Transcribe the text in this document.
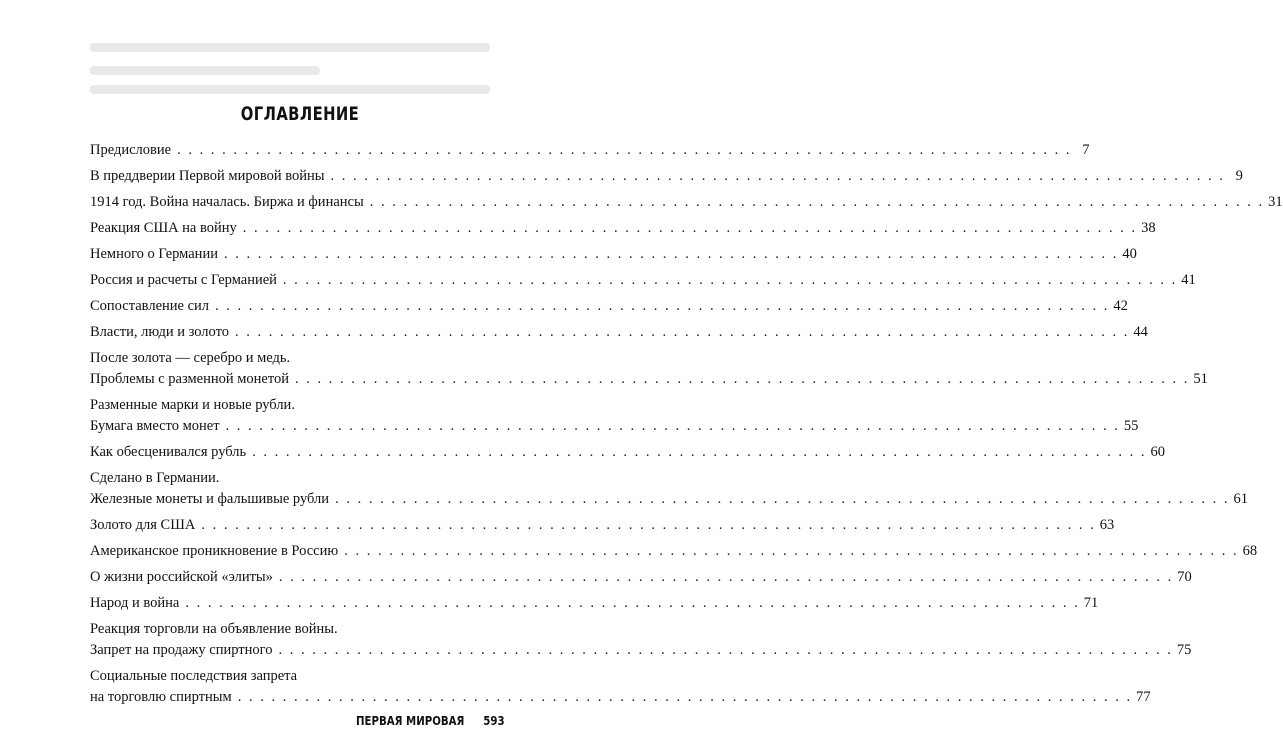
ОГЛАВЛЕНИЕ
Предисловие . . . . . . . . . . . . . . . . . . . . . . . . . . . . . . . . . . . . . . . . . . . . . . . . . . . . . . . . . . . . . . . . . . . . . . . . . . . . . . . . 7
В преддверии Первой мировой войны . . . . . . . . . . . . . . . . . . . . . . . . . . . . . . . . . . . . . . . . . . . . . . . . . . . . . . . . . . . . . . . . . . . . . . . . . . . . . . . . 9
1914 год. Война началась. Биржа и финансы . . . . . . . . . . . . . . . . . . . . . . . . . . . . . . . . . . . . . . . . . . . . . . . . . . . . . . . . . . . . . . . . . . . . . . . . . . . . . . . . 31
Реакция США на войну . . . . . . . . . . . . . . . . . . . . . . . . . . . . . . . . . . . . . . . . . . . . . . . . . . . . . . . . . . . . . . . . . . . . . . . . . . . . . . . . 38
Немного о Германии . . . . . . . . . . . . . . . . . . . . . . . . . . . . . . . . . . . . . . . . . . . . . . . . . . . . . . . . . . . . . . . . . . . . . . . . . . . . . . . . 40
Россия и расчеты с Германией . . . . . . . . . . . . . . . . . . . . . . . . . . . . . . . . . . . . . . . . . . . . . . . . . . . . . . . . . . . . . . . . . . . . . . . . . . . . . . . . 41
Сопоставление сил . . . . . . . . . . . . . . . . . . . . . . . . . . . . . . . . . . . . . . . . . . . . . . . . . . . . . . . . . . . . . . . . . . . . . . . . . . . . . . . . 42
Власти, люди и золото . . . . . . . . . . . . . . . . . . . . . . . . . . . . . . . . . . . . . . . . . . . . . . . . . . . . . . . . . . . . . . . . . . . . . . . . . . . . . . . . 44
После золота — серебро и медь.
Проблемы с разменной монетой . . . . . . . . . . . . . . . . . . . . . . . . . . . . . . . . . . . . . . . . . . . . . . . . . . . . . . . . . . . . . . . . . . . . . . . . . . . . . . . . 51
Разменные марки и новые рубли.
Бумага вместо монет . . . . . . . . . . . . . . . . . . . . . . . . . . . . . . . . . . . . . . . . . . . . . . . . . . . . . . . . . . . . . . . . . . . . . . . . . . . . . . . . 55
Как обесценивался рубль . . . . . . . . . . . . . . . . . . . . . . . . . . . . . . . . . . . . . . . . . . . . . . . . . . . . . . . . . . . . . . . . . . . . . . . . . . . . . . . . 60
Сделано в Германии.
Железные монеты и фальшивые рубли . . . . . . . . . . . . . . . . . . . . . . . . . . . . . . . . . . . . . . . . . . . . . . . . . . . . . . . . . . . . . . . . . . . . . . . . . . . . . . . . 61
Золото для США . . . . . . . . . . . . . . . . . . . . . . . . . . . . . . . . . . . . . . . . . . . . . . . . . . . . . . . . . . . . . . . . . . . . . . . . . . . . . . . . 63
Американское проникновение в Россию . . . . . . . . . . . . . . . . . . . . . . . . . . . . . . . . . . . . . . . . . . . . . . . . . . . . . . . . . . . . . . . . . . . . . . . . . . . . . . . . 68
О жизни российской «элиты» . . . . . . . . . . . . . . . . . . . . . . . . . . . . . . . . . . . . . . . . . . . . . . . . . . . . . . . . . . . . . . . . . . . . . . . . . . . . . . . . 70
Народ и война . . . . . . . . . . . . . . . . . . . . . . . . . . . . . . . . . . . . . . . . . . . . . . . . . . . . . . . . . . . . . . . . . . . . . . . . . . . . . . . . 71
Реакция торговли на объявление войны.
Запрет на продажу спиртного . . . . . . . . . . . . . . . . . . . . . . . . . . . . . . . . . . . . . . . . . . . . . . . . . . . . . . . . . . . . . . . . . . . . . . . . . . . . . . . . 75
Социальные последствия запрета
на торговлю спиртным . . . . . . . . . . . . . . . . . . . . . . . . . . . . . . . . . . . . . . . . . . . . . . . . . . . . . . . . . . . . . . . . . . . . . . . . . . . . . . . . 77
ПЕРВАЯ МИРОВАЯ 593
